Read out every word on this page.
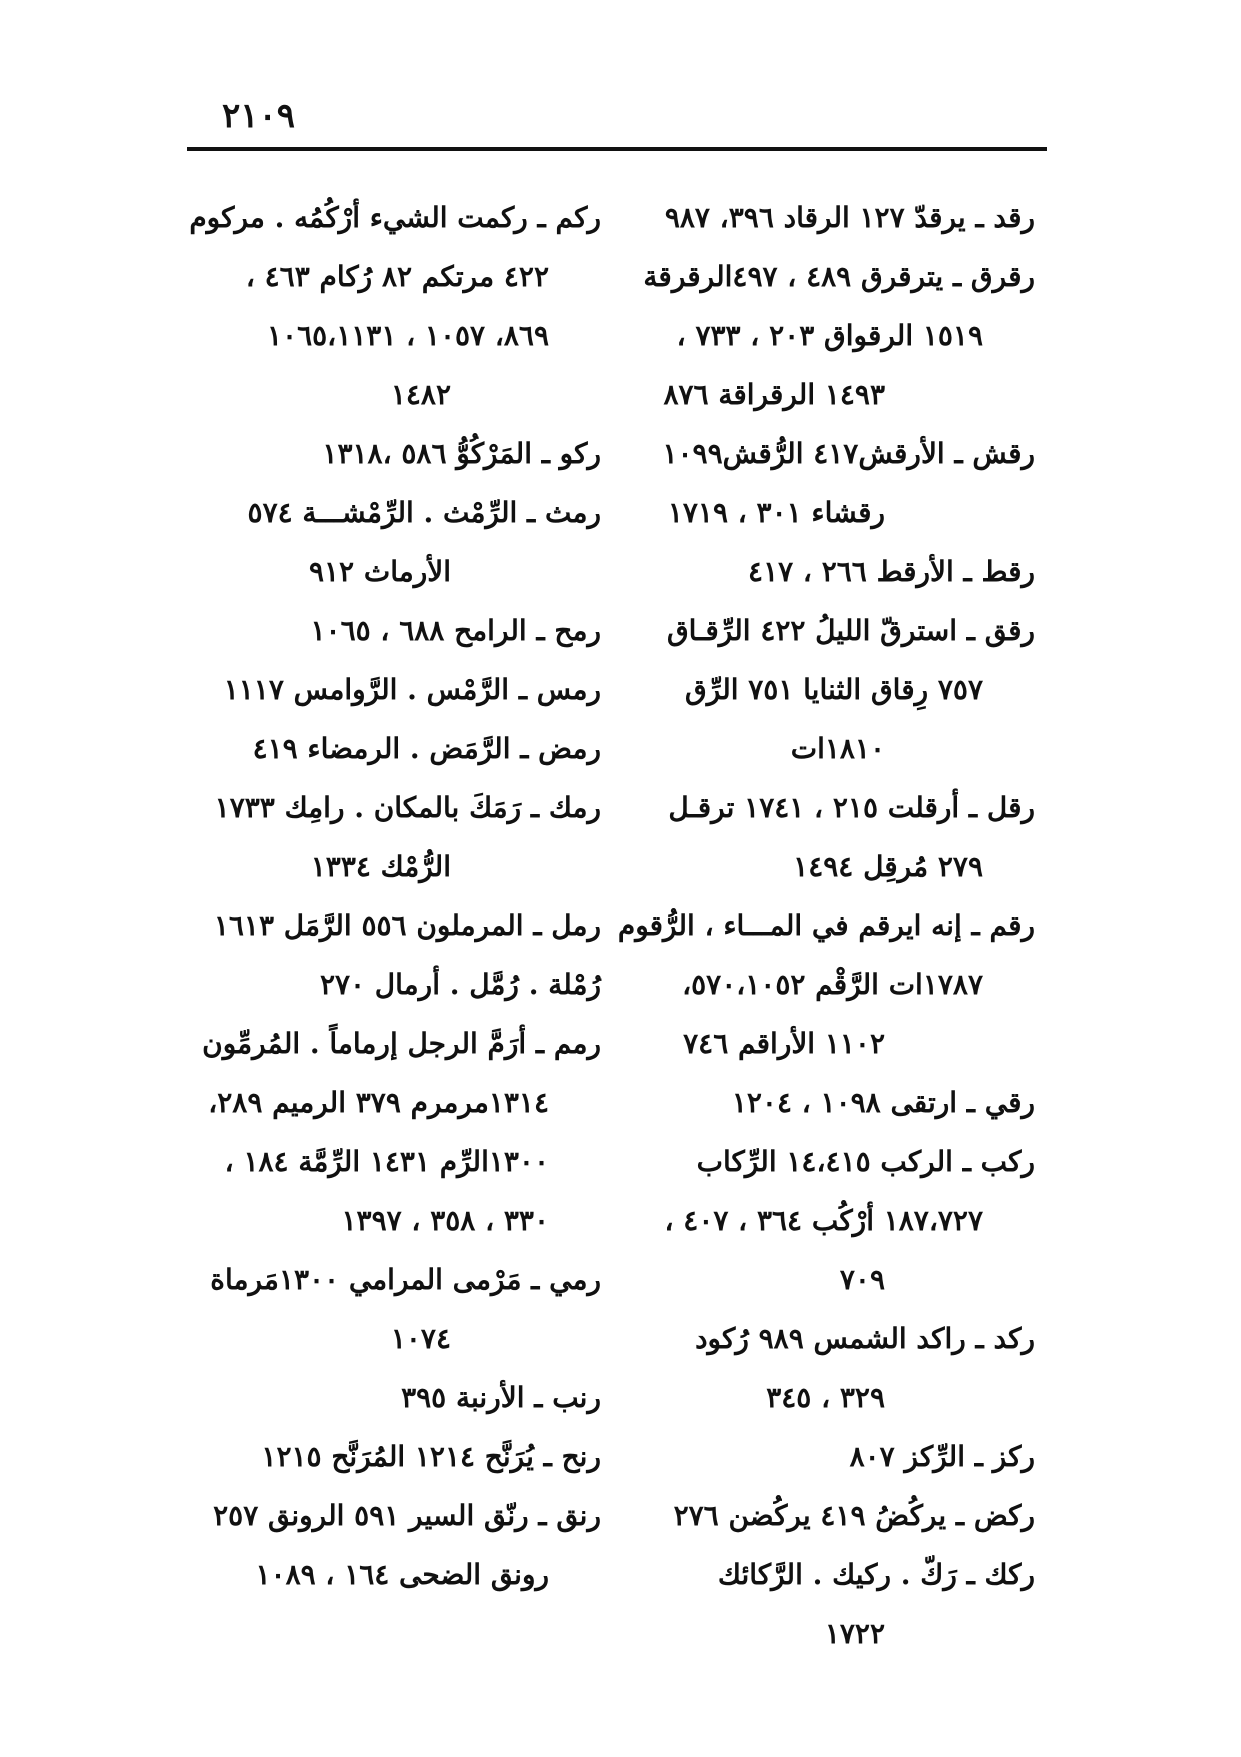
٢١٠٩
رقد ـ يرقدّ ١٢٧ الرقاد ٣٩٦، ٩٨٧
رقرق ـ يترقرق ٤٨٩ ، ٤٩٧الرقرقة
١٥١٩ الرقواق ٢٠٣ ، ٧٣٣ ،
١٤٩٣ الرقراقة ٨٧٦
رقش ـ الأرقش٤١٧ الرُّقش١٠٩٩
رقشاء ٣٠١ ، ١٧١٩
رقط ـ الأرقط ٢٦٦ ، ٤١٧
رقق ـ استرقّ الليلُ ٤٢٢ الرِّقـاق
٧٥٧ رِقاق الثنايا ٧٥١ الرِّق
١٨١٠ات
رقل ـ أرقلت ٢١٥ ، ١٧٤١ ترقـل
٢٧٩ مُرقِل ١٤٩٤
رقم ـ إنه ايرقم في المـــاء ، الرُّقوم
١٧٨٧ات الرَّقْم ٥٧٠،١٠٥٢،
١١٠٢ الأراقم ٧٤٦
رقي ـ ارتقى ١٠٩٨ ، ١٢٠٤
ركب ـ الركب ١٤،٤١٥ الرِّكاب
١٨٧،٧٢٧ أرْكُب ٣٦٤ ، ٤٠٧ ،
٧٠٩
ركد ـ راكد الشمس ٩٨٩ رُكود
٣٢٩ ، ٣٤٥
ركز ـ الرِّكز ٨٠٧
ركض ـ يركُضُ ٤١٩ يركُضن ٢٧٦
ركك ـ رَكّ . ركيك . الرَّكائك
١٧٢٢
ركم ـ ركمت الشيء أرْكُمُه . مركوم
٤٢٢ مرتكم ٨٢ رُكام ٤٦٣ ،
٨٦٩، ١٠٥٧ ، ١٠٦٥،١١٣١
١٤٨٢
ركو ـ المَرْكُوُّ ٥٨٦ ،١٣١٨
رمث ـ الرِّمْث . الرِّمْشـــة ٥٧٤
الأرماث ٩١٢
رمح ـ الرامح ٦٨٨ ، ١٠٦٥
رمس ـ الرَّمْس . الرَّوامس ١١١٧
رمض ـ الرَّمَض . الرمضاء ٤١٩
رمك ـ رَمَكَ بالمكان . رامِك ١٧٣٣
الرُّمْك ١٣٣٤
رمل ـ المرملون ٥٥٦ الرَّمَل ١٦١٣
رُمْلة . رُمَّل . أرمال ٢٧٠
رمم ـ أرَمَّ الرجل إرماماً . المُرمِّون
١٣١٤مرمرم ٣٧٩ الرميم ٢٨٩،
١٣٠٠الرِّم ١٤٣١ الرِّمَّة ١٨٤ ،
٣٣٠ ، ٣٥٨ ، ١٣٩٧
رمي ـ مَرْمى المرامي ١٣٠٠مَرماة
١٠٧٤
رنب ـ الأرنبة ٣٩٥
رنح ـ يُرَنَّح ١٢١٤ المُرَنَّح ١٢١٥
رنق ـ رنّق السير ٥٩١ الرونق ٢٥٧
رونق الضحى ١٦٤ ، ١٠٨٩
